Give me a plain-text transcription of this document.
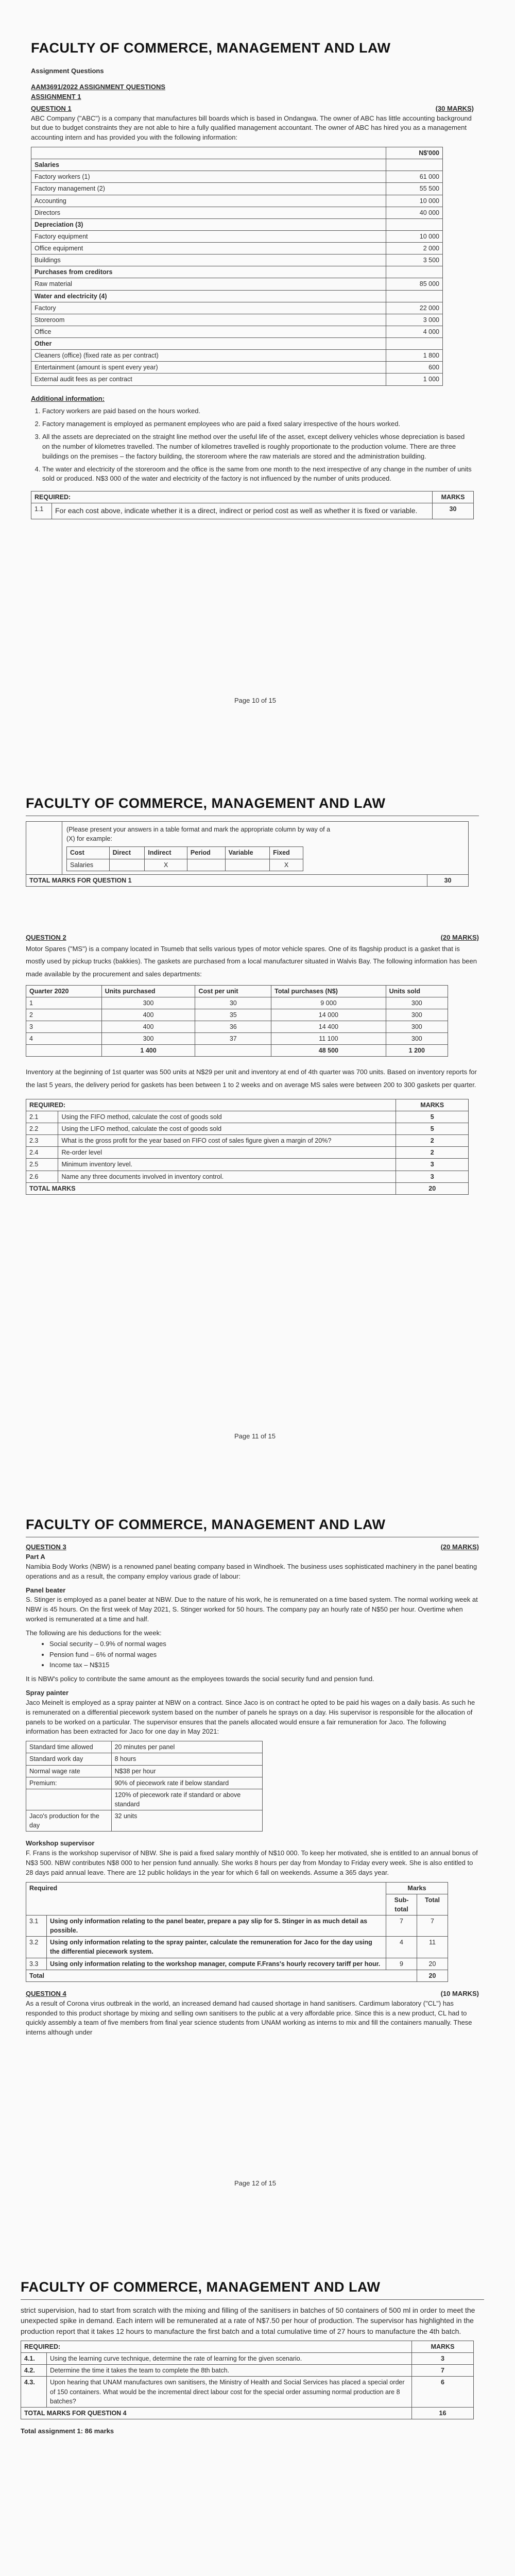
FACULTY OF COMMERCE, MANAGEMENT AND LAW
Assignment Questions
AAM3691/2022 ASSIGNMENT QUESTIONS
ASSIGNMENT 1
QUESTION 1	(30 MARKS)

ABC Company ("ABC") is a company that manufactures bill boards which is based in Ondangwa. The owner of ABC has little accounting background but due to budget constraints they are not able to hire a fully qualified management accountant. The owner of ABC has hired you as a management accounting intern and has provided you with the following information:

	N$'000
Salaries	
Factory workers (1)	61 000
Factory management (2)	55 500
Accounting	10 000
Directors	40 000
Depreciation (3)	
Factory equipment	10 000
Office equipment	2 000
Buildings	3 500
Purchases from creditors	
Raw material	85 000
Water and electricity (4)	
Factory	22 000
Storeroom	3 000
Office	4 000
Other	
Cleaners (office) (fixed rate as per contract)	1 800
Entertainment (amount is spent every year)	600
External audit fees as per contract	1 000
Additional information:
1. Factory workers are paid based on the hours worked.
2. Factory management is employed as permanent employees who are paid a fixed salary irrespective of the hours worked.
3. All the assets are depreciated on the straight line method over the useful life of the asset, except delivery vehicles whose depreciation is based on the number of kilometres travelled. The number of kilometres travelled is roughly proportionate to the production volume. There are three buildings on the premises – the factory building, the storeroom where the raw materials are stored and the administration building.
4. The water and electricity of the storeroom and the office is the same from one month to the next irrespective of any change in the number of units sold or produced. N$3 000 of the water and electricity of the factory is not influenced by the number of units produced.
REQUIRED:		MARKS
1.1	For each cost above, indicate whether it is a direct, indirect or period cost as well as whether it is fixed or variable.	30
Page 10 of 15
FACULTY OF COMMERCE, MANAGEMENT AND LAW

(Please present your answers in a table format and mark the appropriate column by way of a (X) for example:
Cost	Direct	Indirect	Period	Variable	Fixed
Salaries		X			X

TOTAL MARKS FOR QUESTION 1	30
QUESTION 2	(20 MARKS)

Motor Spares ("MS") is a company located in Tsumeb that sells various types of motor vehicle spares. One of its flagship product is a gasket that is mostly used by pickup trucks (bakkies). The gaskets are purchased from a local manufacturer situated in Walvis Bay. The following information has been made available by the procurement and sales departments:

Quarter 2020	Units purchased	Cost per unit	Total purchases (N$)	Units sold
1	300	30	9 000	300
2	400	35	14 000	300
3	400	36	14 400	300
4	300	37	11 100	300
	1 400		48 500	1 200

Inventory at the beginning of 1st quarter was 500 units at N$29 per unit and inventory at end of 4th quarter was 700 units. Based on inventory reports for the last 5 years, the delivery period for gaskets has been between 1 to 2 weeks and on average MS sales were between 200 to 300 gaskets per quarter.

REQUIRED:		MARKS
2.1	Using the FIFO method, calculate the cost of goods sold	5
2.2	Using the LIFO method, calculate the cost of goods sold	5
2.3	What is the gross profit for the year based on FIFO cost of sales figure given a margin of 20%?	2
2.4	Re-order level	2
2.5	Minimum inventory level.	3
2.6	Name any three documents involved in inventory control.	3
TOTAL MARKS		20
Page 11 of 15
FACULTY OF COMMERCE, MANAGEMENT AND LAW
QUESTION 3	(20 MARKS)
Part A

Namibia Body Works (NBW) is a renowned panel beating company based in Windhoek. The business uses sophisticated machinery in the panel beating operations and as a result, the company employ various grade of labour:

Panel beater

S. Stinger is employed as a panel beater at NBW. Due to the nature of his work, he is remunerated on a time based system. The normal working week at NBW is 45 hours. On the first week of May 2021, S. Stinger worked for 50 hours. The company pay an hourly rate of N$50 per hour. Overtime when worked is remunerated at a time and half.

The following are his deductions for the week:

• Social security – 0.9% of normal wages
• Pension fund – 6% of normal wages
• Income tax – N$315

It is NBW's policy to contribute the same amount as the employees towards the social security fund and pension fund.

Spray painter

Jaco Meinelt is employed as a spray painter at NBW on a contract. Since Jaco is on contract he opted to be paid his wages on a daily basis. As such he is remunerated on a differential piecework system based on the number of panels he sprays on a day. His supervisor is responsible for the allocation of panels to be worked on a particular. The supervisor ensures that the panels allocated would ensure a fair remuneration for Jaco. The following information has been extracted for Jaco for one day in May 2021:

Standard time allowed	20 minutes per panel
Standard work day	8 hours
Normal wage rate	N$38 per hour
Premium:	90% of piecework rate if below standard
	120% of piecework rate if standard or above standard
Jaco's production for the day	32 units
Workshop supervisor

F. Frans is the workshop supervisor of NBW. She is paid a fixed salary monthly of N$10 000. To keep her motivated, she is entitled to an annual bonus of N$3 500. NBW contributes N$8 000 to her pension fund annually. She works 8 hours per day from Monday to Friday every week. She is also entitled to 28 days paid annual leave. There are 12 public holidays in the year for which 6 fall on weekends. Assume a 365 days year.

Required		Marks	
		Sub-total	Total
3.1	Using only information relating to the panel beater, prepare a pay slip for S. Stinger in as much detail as possible.	7	7
3.2	Using only information relating to the spray painter, calculate the remuneration for Jaco for the day using the differential piecework system.	4	11
3.3	Using only information relating to the workshop manager, compute F.Frans's hourly recovery tariff per hour.	9	20
Total			20
QUESTION 4	(10 MARKS)

As a result of Corona virus outbreak in the world, an increased demand had caused shortage in hand sanitisers. Cardimum laboratory ("CL") has responded to this product shortage by mixing and selling own sanitisers to the public at a very affordable price. Since this is a new product, CL had to quickly assembly a team of five members from final year science students from UNAM working as interns to mix and fill the containers manually. These interns although under

Page 12 of 15
FACULTY OF COMMERCE, MANAGEMENT AND LAW

strict supervision, had to start from scratch with the mixing and filling of the sanitisers in batches of 50 containers of 500 ml in order to meet the unexpected spike in demand. Each intern will be remunerated at a rate of N$7.50 per hour of production. The supervisor has highlighted in the production report that it takes 12 hours to manufacture the first batch and a total cumulative time of 27 hours to manufacture the 4th batch.

REQUIRED:		MARKS
4.1.	Using the learning curve technique, determine the rate of learning for the given scenario.	3
4.2.	Determine the time it takes the team to complete the 8th batch.	7
4.3.	Upon hearing that UNAM manufactures own sanitisers, the Ministry of Health and Social Services has placed a special order of 150 containers. What would be the incremental direct labour cost for the special order assuming normal production are 8 batches?	6
TOTAL MARKS FOR QUESTION 4		16
Total assignment 1: 86 marks
